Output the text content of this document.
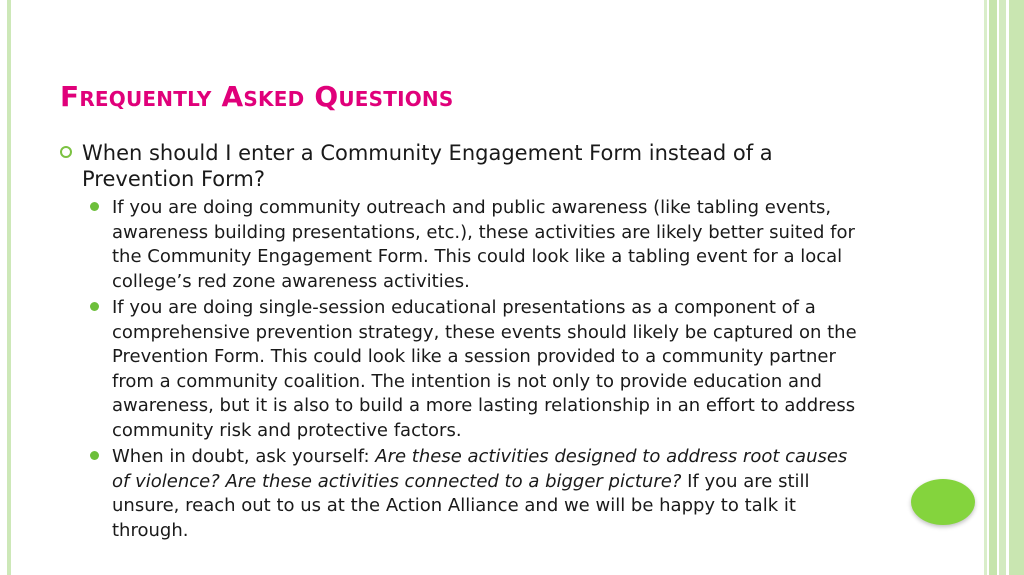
Frequently Asked Questions
When should I enter a Community Engagement Form instead of a Prevention Form?
If you are doing community outreach and public awareness (like tabling events, awareness building presentations, etc.), these activities are likely better suited for the Community Engagement Form. This could look like a tabling event for a local college’s red zone awareness activities.
If you are doing single-session educational presentations as a component of a comprehensive prevention strategy, these events should likely be captured on the Prevention Form. This could look like a session provided to a community partner from a community coalition. The intention is not only to provide education and awareness, but it is also to build a more lasting relationship in an effort to address community risk and protective factors.
When in doubt, ask yourself: Are these activities designed to address root causes of violence? Are these activities connected to a bigger picture? If you are still unsure, reach out to us at the Action Alliance and we will be happy to talk it through.
